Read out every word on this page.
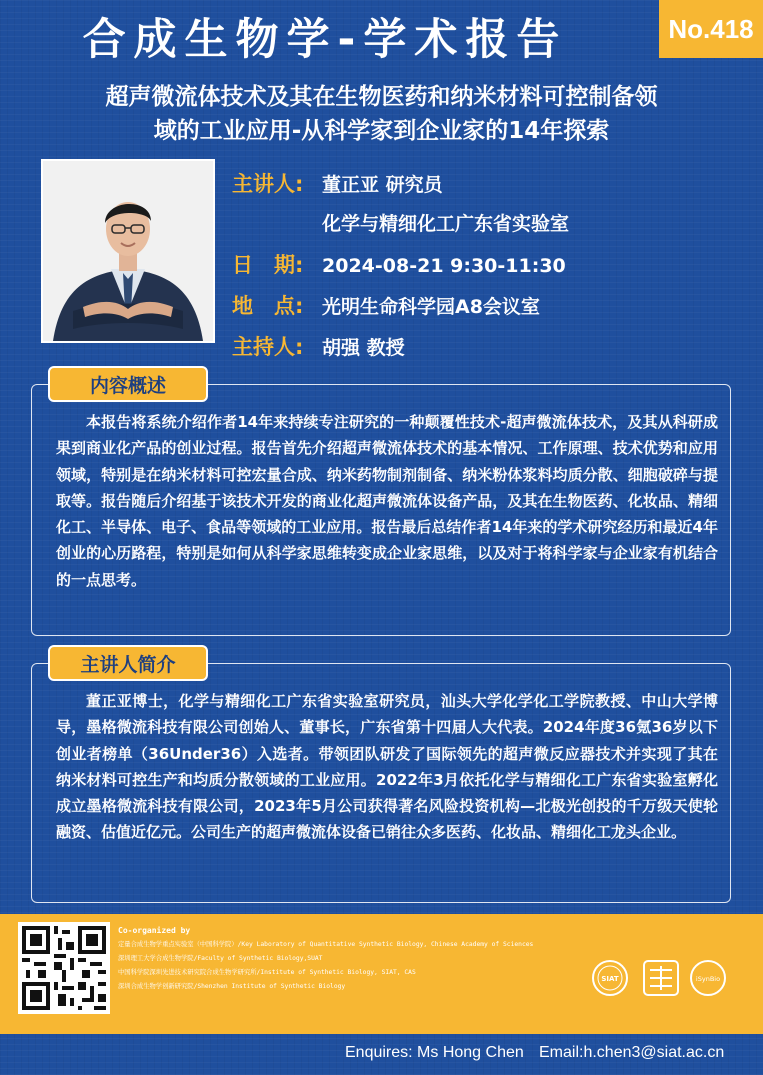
合成生物学-学术报告	No.418
超声微流体技术及其在生物医药和纳米材料可控制备领
域的工业应用-从科学家到企业家的14年探索
主讲人: 董正亚 研究员
化学与精细化工广东省实验室
日　期: 2024-08-21 9:30-11:30
地　点: 光明生命科学园A8会议室
主持人: 胡强 教授
内容概述
本报告将系统介绍作者14年来持续专注研究的一种颠覆性技术-超声微流体技术，及其从科研成果到商业化产品的创业过程。报告首先介绍超声微流体技术的基本情况、工作原理、技术优势和应用领域，特别是在纳米材料可控宏量合成、纳米药物制剂制备、纳米粉体浆料均质分散、细胞破碎与提取等。报告随后介绍基于该技术开发的商业化超声微流体设备产品，及其在生物医药、化妆品、精细化工、半导体、电子、食品等领域的工业应用。报告最后总结作者14年来的学术研究经历和最近4年创业的心历路程，特别是如何从科学家思维转变成企业家思维，以及对于将科学家与企业家有机结合的一点思考。
主讲人简介
董正亚博士，化学与精细化工广东省实验室研究员，汕头大学化学化工学院教授、中山大学博导，墨格微流科技有限公司创始人、董事长，广东省第十四届人大代表。2024年度36氪36岁以下创业者榜单（36Under36）入选者。带领团队研发了国际领先的超声微反应器技术并实现了其在纳米材料可控生产和均质分散领域的工业应用。2022年3月依托化学与精细化工广东省实验室孵化成立墨格微流科技有限公司，2023年5月公司获得著名风险投资机构—北极光创投的千万级天使轮融资、估值近亿元。公司生产的超声微流体设备已销往众多医药、化妆品、精细化工龙头企业。
Co-organized by
定量合成生物学重点实验室（中国科学院）/Key Laboratory of Quantitative Synthetic Biology, Chinese Academy of Sciences
深圳理工大学合成生物学院/Faculty of Synthetic Biology,SUAT
中国科学院深圳先进技术研究院合成生物学研究所/Institute of Synthetic Biology, SIAT, CAS
深圳合成生物学创新研究院/Shenzhen Institute of Synthetic Biology
SIAT	iSynBio
Enquires: Ms Hong Chen Email:h.chen3@siat.ac.cn
